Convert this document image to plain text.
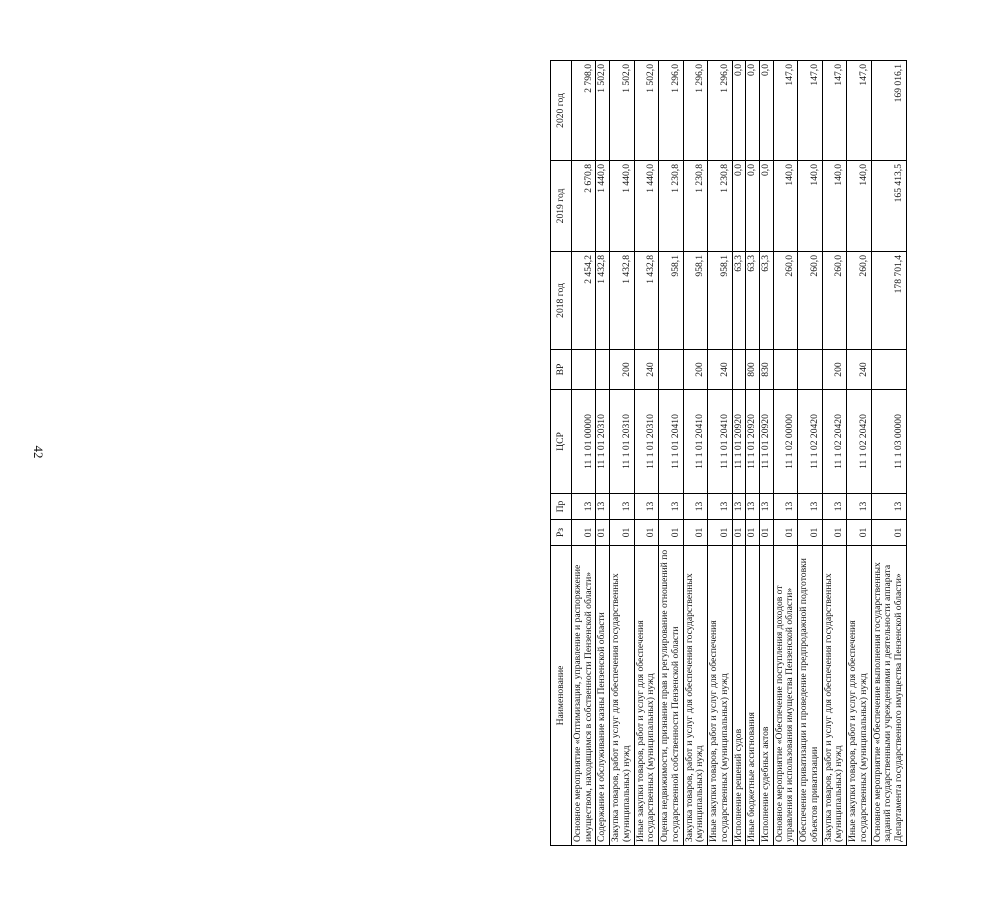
42
Наименование	Рз	Пр	ЦСР	ВР	2018 год	2019 год	2020 год
Основное мероприятие «Оптимизация, управление и распоряжение имуществом, находящимся в собственности Пензенской области»	01	13	11 1 01 00000		2 454,2	2 670,8	2 798,0
Содержание и обслуживание казны Пензенской области	01	13	11 1 01 20310		1 432,8	1 440,0	1 502,0
Закупка товаров, работ и услуг для обеспечения государственных (муниципальных) нужд	01	13	11 1 01 20310	200	1 432,8	1 440,0	1 502,0
Иные закупки товаров, работ и услуг для обеспечения государственных (муниципальных) нужд	01	13	11 1 01 20310	240	1 432,8	1 440,0	1 502,0
Оценка недвижимости, признание прав и регулирование отношений по государственной собственности Пензенской области	01	13	11 1 01 20410		958,1	1 230,8	1 296,0
Закупка товаров, работ и услуг для обеспечения государственных (муниципальных) нужд	01	13	11 1 01 20410	200	958,1	1 230,8	1 296,0
Иные закупки товаров, работ и услуг для обеспечения государственных (муниципальных) нужд	01	13	11 1 01 20410	240	958,1	1 230,8	1 296,0
Исполнение решений судов	01	13	11 1 01 20920		63,3	0,0	0,0
Иные бюджетные ассигнования	01	13	11 1 01 20920	800	63,3	0,0	0,0
Исполнение судебных актов	01	13	11 1 01 20920	830	63,3	0,0	0,0
Основное мероприятие «Обеспечение поступления доходов от управления и использования имущества Пензенской области»	01	13	11 1 02 00000		260,0	140,0	147,0
Обеспечение приватизации и проведение предпродажной подготовки объектов приватизации	01	13	11 1 02 20420		260,0	140,0	147,0
Закупка товаров, работ и услуг для обеспечения государственных (муниципальных) нужд	01	13	11 1 02 20420	200	260,0	140,0	147,0
Иные закупки товаров, работ и услуг для обеспечения государственных (муниципальных) нужд	01	13	11 1 02 20420	240	260,0	140,0	147,0
Основное мероприятие «Обеспечение выполнения государственных заданий государственными учреждениями и деятельности аппарата Департамента государственного имущества Пензенской области»	01	13	11 1 03 00000		178 701,4	165 413,5	169 016,1
